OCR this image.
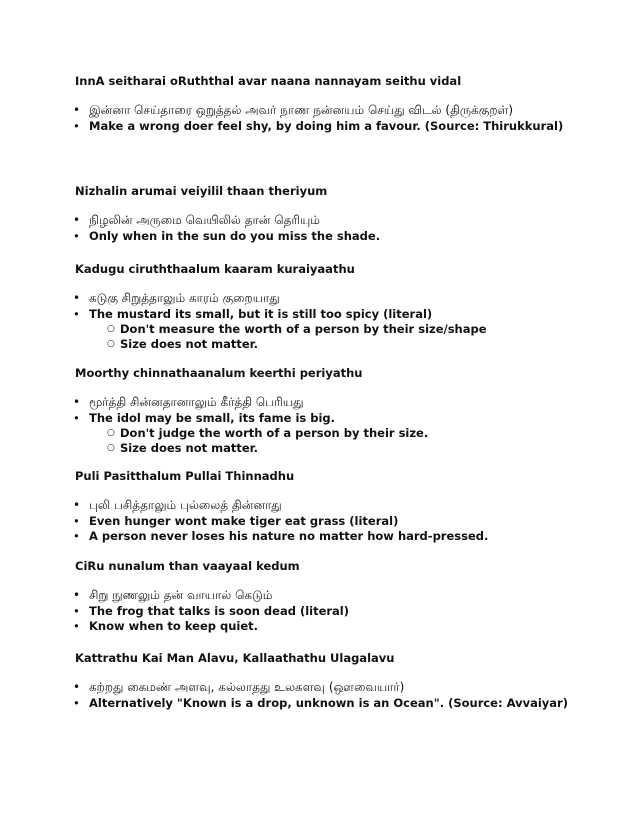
InnA seitharai oRuththal avar naana nannayam seithu vidal

• இன்னா செய்தாரை ஒறுத்தல் அவர் நாண நன்னயம் செய்து விடல் (திருக்குறள்)
• Make a wrong doer feel shy, by doing him a favour. (Source: Thirukkural)

Nizhalin arumai veiyilil thaan theriyum

• நிழலின் அருமை வெயிலில் தான் தெரியும்
• Only when in the sun do you miss the shade.

Kadugu ciruththaalum kaaram kuraiyaathu

• கடுகு சிறுத்தாலும் காரம் குறையாது
• The mustard its small, but it is still too spicy (literal)
○ Don't measure the worth of a person by their size/shape
○ Size does not matter.

Moorthy chinnathaanalum keerthi periyathu

• மூர்த்தி சின்னதானாலும் கீர்த்தி பெரியது
• The idol may be small, its fame is big.
○ Don't judge the worth of a person by their size.
○ Size does not matter.

Puli Pasitthalum Pullai Thinnadhu

• புலி பசித்தாலும் புல்லைத் தின்னாது
• Even hunger wont make tiger eat grass (literal)
• A person never loses his nature no matter how hard-pressed.

CiRu nunalum than vaayaal kedum

• சிறு நுணலும் தன் வாயால் கெடும்
• The frog that talks is soon dead (literal)
• Know when to keep quiet.

Kattrathu Kai Man Alavu, Kallaathathu Ulagalavu

• கற்றது கைமண் அளவு, கல்லாதது உலகளவு (ஔவையார்)
• Alternatively "Known is a drop, unknown is an Ocean". (Source: Avvaiyar)
